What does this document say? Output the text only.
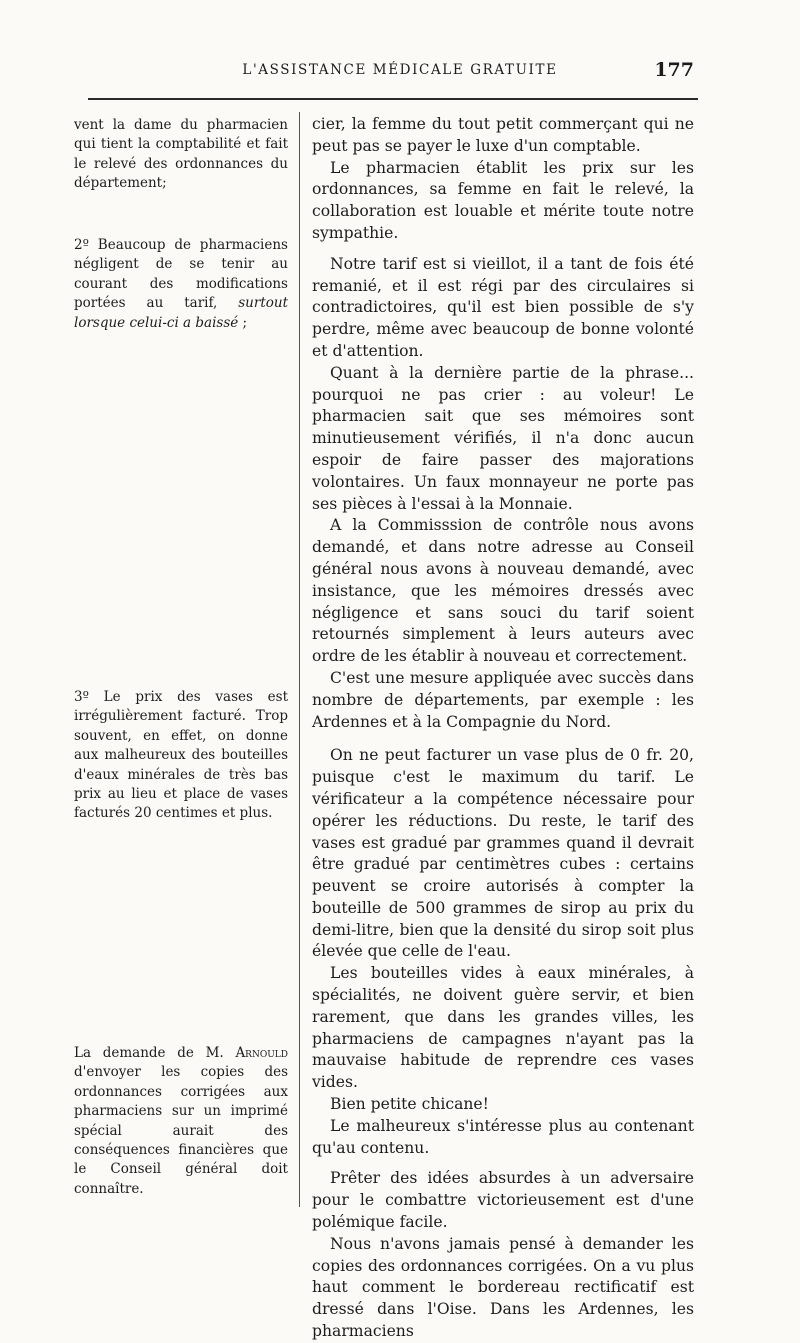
L'ASSISTANCE MÉDICALE GRATUITE	177

vent la dame du pharmacien qui tient la comptabilité et fait le relevé des ordonnances du département;

2º Beaucoup de pharmaciens négligent de se tenir au courant des modifications portées au tarif, surtout lorsque celui-ci a baissé ;

3º Le prix des vases est irrégulièrement facturé. Trop souvent, en effet, on donne aux malheureux des bouteilles d'eaux minérales de très bas prix au lieu et place de vases facturés 20 centimes et plus.

La demande de M. Arnould d'envoyer les copies des ordonnances corrigées aux pharmaciens sur un imprimé spécial aurait des conséquences financières que le Conseil général doit connaître.

cier, la femme du tout petit commerçant qui ne peut pas se payer le luxe d'un comptable.

Le pharmacien établit les prix sur les ordonnances, sa femme en fait le relevé, la collaboration est louable et mérite toute notre sympathie.

Notre tarif est si vieillot, il a tant de fois été remanié, et il est régi par des circulaires si contradictoires, qu'il est bien possible de s'y perdre, même avec beaucoup de bonne volonté et d'attention.

Quant à la dernière partie de la phrase... pourquoi ne pas crier : au voleur! Le pharmacien sait que ses mémoires sont minutieusement vérifiés, il n'a donc aucun espoir de faire passer des majorations volontaires. Un faux monnayeur ne porte pas ses pièces à l'essai à la Monnaie.

A la Commisssion de contrôle nous avons demandé, et dans notre adresse au Conseil général nous avons à nouveau demandé, avec insistance, que les mémoires dressés avec négligence et sans souci du tarif soient retournés simplement à leurs auteurs avec ordre de les établir à nouveau et correctement.

C'est une mesure appliquée avec succès dans nombre de départements, par exemple : les Ardennes et à la Compagnie du Nord.

On ne peut facturer un vase plus de 0 fr. 20, puisque c'est le maximum du tarif. Le vérificateur a la compétence nécessaire pour opérer les réductions. Du reste, le tarif des vases est gradué par grammes quand il devrait être gradué par centimètres cubes : certains peuvent se croire autorisés à compter la bouteille de 500 grammes de sirop au prix du demi-litre, bien que la densité du sirop soit plus élevée que celle de l'eau.

Les bouteilles vides à eaux minérales, à spécialités, ne doivent guère servir, et bien rarement, que dans les grandes villes, les pharmaciens de campagnes n'ayant pas la mauvaise habitude de reprendre ces vases vides.

Bien petite chicane!

Le malheureux s'intéresse plus au contenant qu'au contenu.

Prêter des idées absurdes à un adversaire pour le combattre victorieusement est d'une polémique facile.

Nous n'avons jamais pensé à demander les copies des ordonnances corrigées. On a vu plus haut comment le bordereau rectificatif est dressé dans l'Oise. Dans les Ardennes, les pharmaciens
